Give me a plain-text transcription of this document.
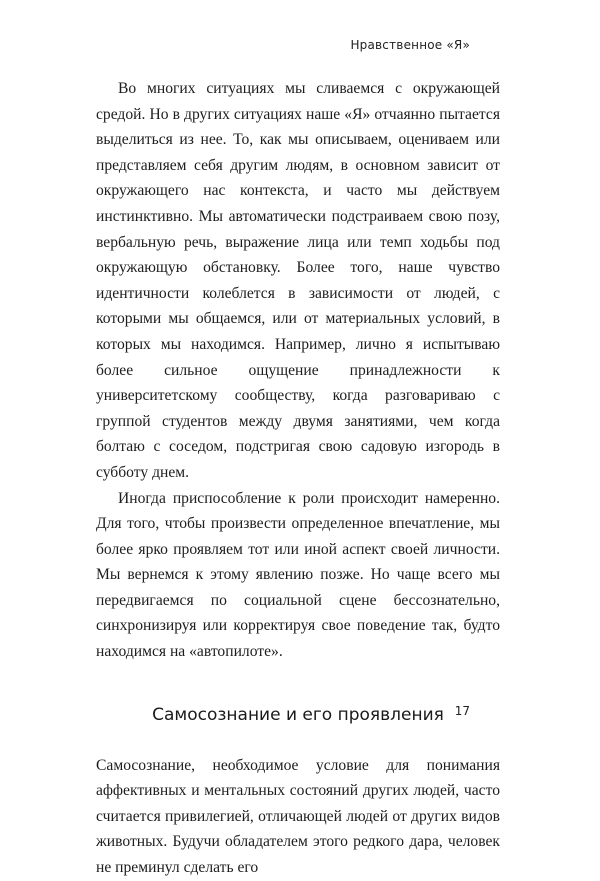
Нравственное «Я»

Во многих ситуациях мы сливаемся с окружающей средой. Но в других ситуациях наше «Я» отчаянно пытается выделиться из нее. То, как мы описываем, оцениваем или представляем себя другим людям, в основном зависит от окружающего нас контекста, и часто мы действуем инстинктивно. Мы автоматически подстраиваем свою позу, вербальную речь, выражение лица или темп ходьбы под окружающую обстановку. Более того, наше чувство идентичности колеблется в зависимости от людей, с которыми мы общаемся, или от материальных условий, в которых мы находимся. Например, лично я испытываю более сильное ощущение принадлежности к университетскому сообществу, когда разговариваю с группой студентов между двумя занятиями, чем когда болтаю с соседом, подстригая свою садовую изгородь в субботу днем.

Иногда приспособление к роли происходит намеренно. Для того, чтобы произвести определенное впечатление, мы более ярко проявляем тот или иной аспект своей личности. Мы вернемся к этому явлению позже. Но чаще всего мы передвигаемся по социальной сцене бессознательно, синхронизируя или корректируя свое поведение так, будто находимся на «автопилоте».

Самосознание и его проявления

Самосознание, необходимое условие для понимания аффективных и ментальных состояний других людей, часто считается привилегией, отличающей людей от других видов животных. Будучи обладателем этого редкого дара, человек не преминул сделать его

17
